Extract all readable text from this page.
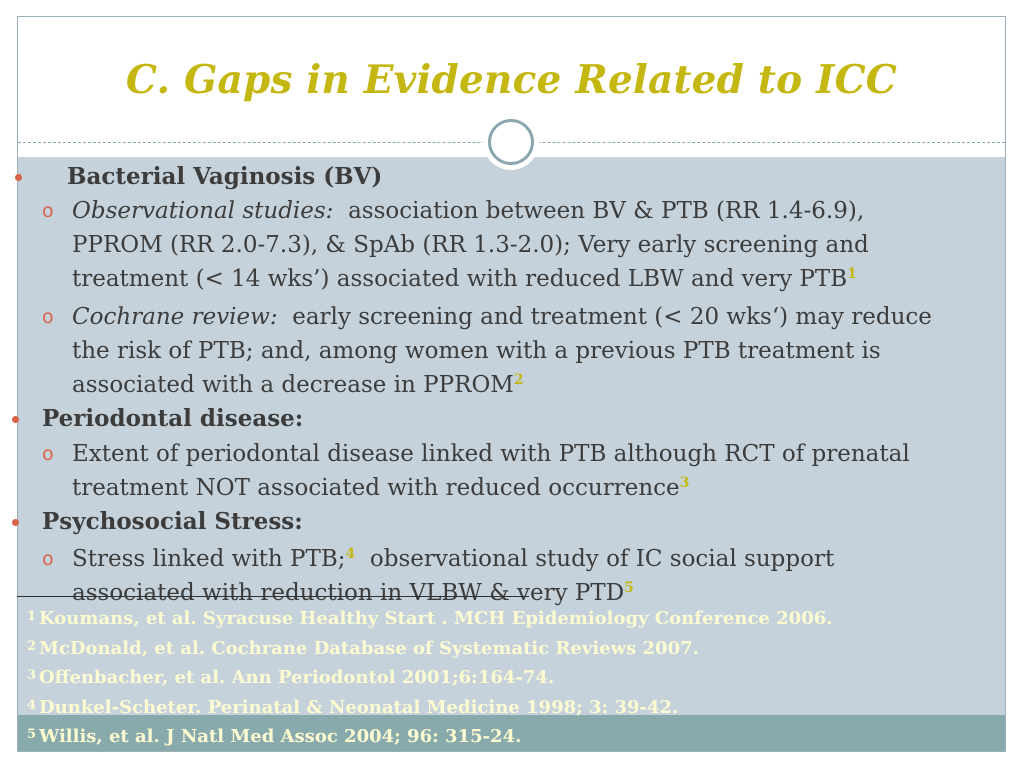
C. Gaps in Evidence Related to ICC
Bacterial Vaginosis (BV)
o Observational studies: association between BV & PTB (RR 1.4-6.9),
PPROM (RR 2.0-7.3), & SpAb (RR 1.3-2.0); Very early screening and
treatment (< 14 wks’) associated with reduced LBW and very PTB$^1$
o Cochrane review: early screening and treatment (< 20 wks‘) may reduce
the risk of PTB; and, among women with a previous PTB treatment is
associated with a decrease in PPROM$^2$
Periodontal disease:
o Extent of periodontal disease linked with PTB although RCT of prenatal
treatment NOT associated with reduced occurrence$^3$
Psychosocial Stress:
o Stress linked with PTB;$^4$ observational study of IC social support
associated with reduction in VLBW & very PTD$^5$
$^1$ Koumans, et al. Syracuse Healthy Start . MCH Epidemiology Conference 2006.
$^2$ McDonald, et al. Cochrane Database of Systematic Reviews 2007.
$^3$ Offenbacher, et al. Ann Periodontol 2001;6:164-74.
$^4$ Dunkel-Scheter. Perinatal & Neonatal Medicine 1998; 3: 39-42.
$^5$ Willis, et al. J Natl Med Assoc 2004; 96: 315-24.
